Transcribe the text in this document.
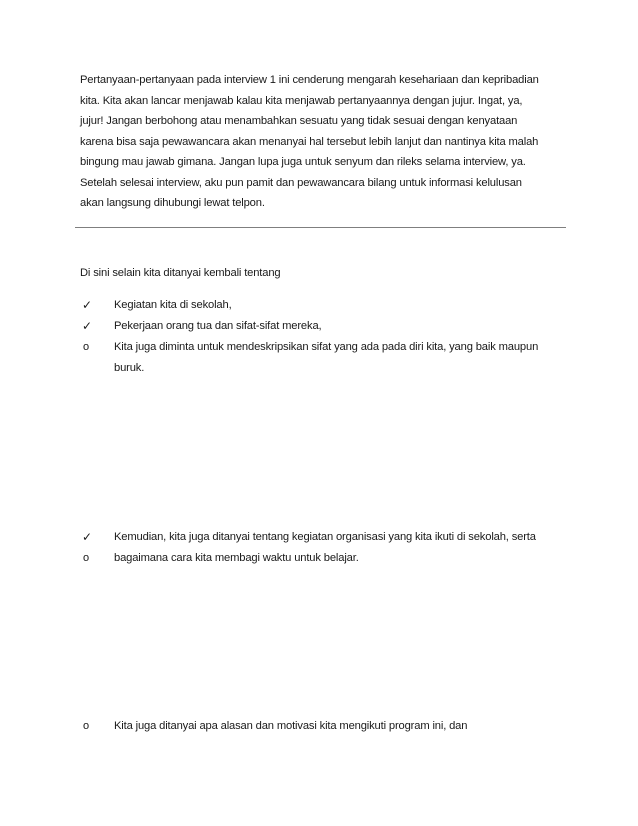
Pertanyaan-pertanyaan pada interview 1 ini cenderung mengarah kesehariaan dan kepribadian
kita. Kita akan lancar menjawab kalau kita menjawab pertanyaannya dengan jujur. Ingat, ya,
jujur! Jangan berbohong atau menambahkan sesuatu yang tidak sesuai dengan kenyataan
karena bisa saja pewawancara akan menanyai hal tersebut lebih lanjut dan nantinya kita malah
bingung mau jawab gimana. Jangan lupa juga untuk senyum dan rileks selama interview, ya.
Setelah selesai interview, aku pun pamit dan pewawancara bilang untuk informasi kelulusan
akan langsung dihubungi lewat telpon.
Di sini selain kita ditanyai kembali tentang
✓	Kegiatan kita di sekolah,
✓	Pekerjaan orang tua dan sifat-sifat mereka,
o	Kita juga diminta untuk mendeskripsikan sifat yang ada pada diri kita, yang baik maupun
buruk.
✓	Kemudian, kita juga ditanyai tentang kegiatan organisasi yang kita ikuti di sekolah, serta
o	bagaimana cara kita membagi waktu untuk belajar.
o	Kita juga ditanyai apa alasan dan motivasi kita mengikuti program ini, dan
